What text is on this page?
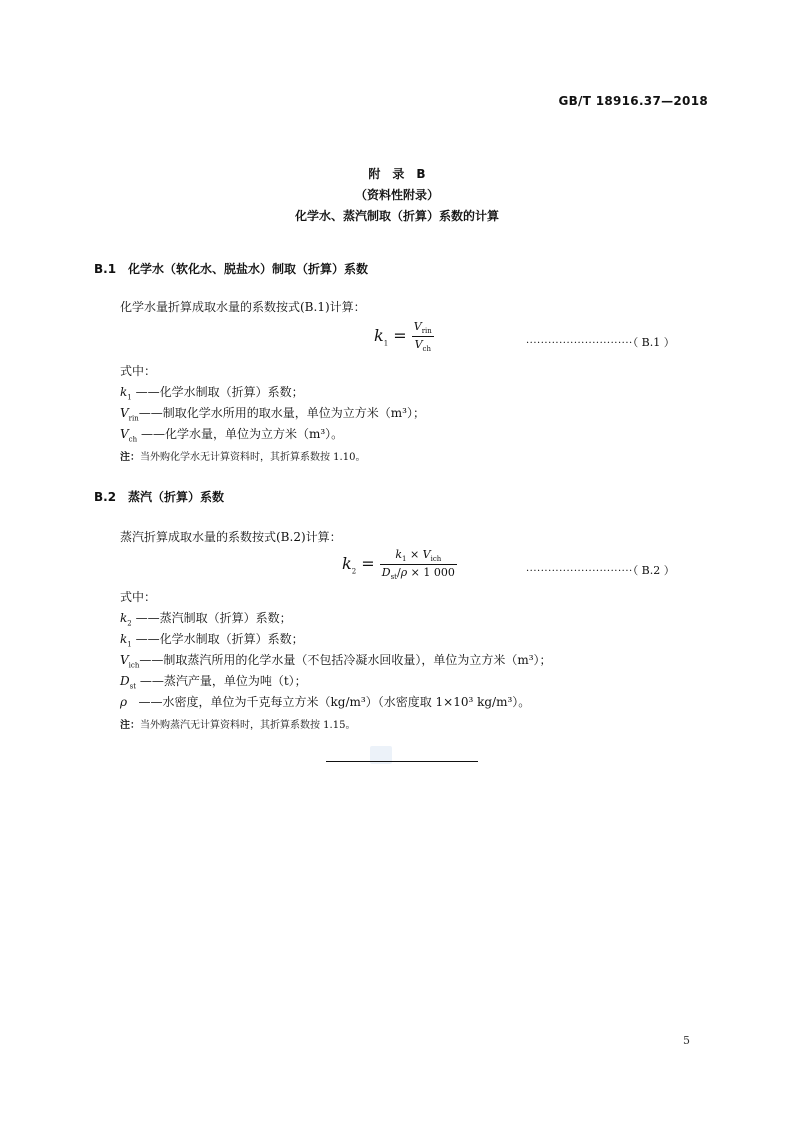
GB/T 18916.37—2018
附　录　B
（资料性附录）
化学水、蒸汽制取（折算）系数的计算
B.1 化学水（软化水、脱盐水）制取（折算）系数
化学水量折算成取水量的系数按式(B.1)计算：
$k_1 = V_{rin}$
$V_{ch}$
·····························（ B.1 ）
式中：
$k_1$ ——化学水制取（折算）系数；
$V_{rin}——$制取化学水所用的取水量，单位为立方米（m³）；
$V_{ch}$ ——化学水量，单位为立方米（m³）。
注：当外购化学水无计算资料时，其折算系数按 1.10。
B.2 蒸汽（折算）系数
蒸汽折算成取水量的系数按式(B.2)计算：
$k_2$ =	$k_1 \times V_{ich}$
$D_{st}/\rho \times 1$ 000	·····························（ B.2 ）
式中：
$k_2$ ——蒸汽制取（折算）系数；
$k_1$ ——化学水制取（折算）系数；
$V_{ich}——$制取蒸汽所用的化学水量（不包括冷凝水回收量），单位为立方米（m³）；
$D_{st}$ ——蒸汽产量，单位为吨（t）；
ρ ——水密度，单位为千克每立方米（kg/m³）（水密度取 1×10³ kg/m³）。
注：当外购蒸汽无计算资料时，其折算系数按 1.15。
5
